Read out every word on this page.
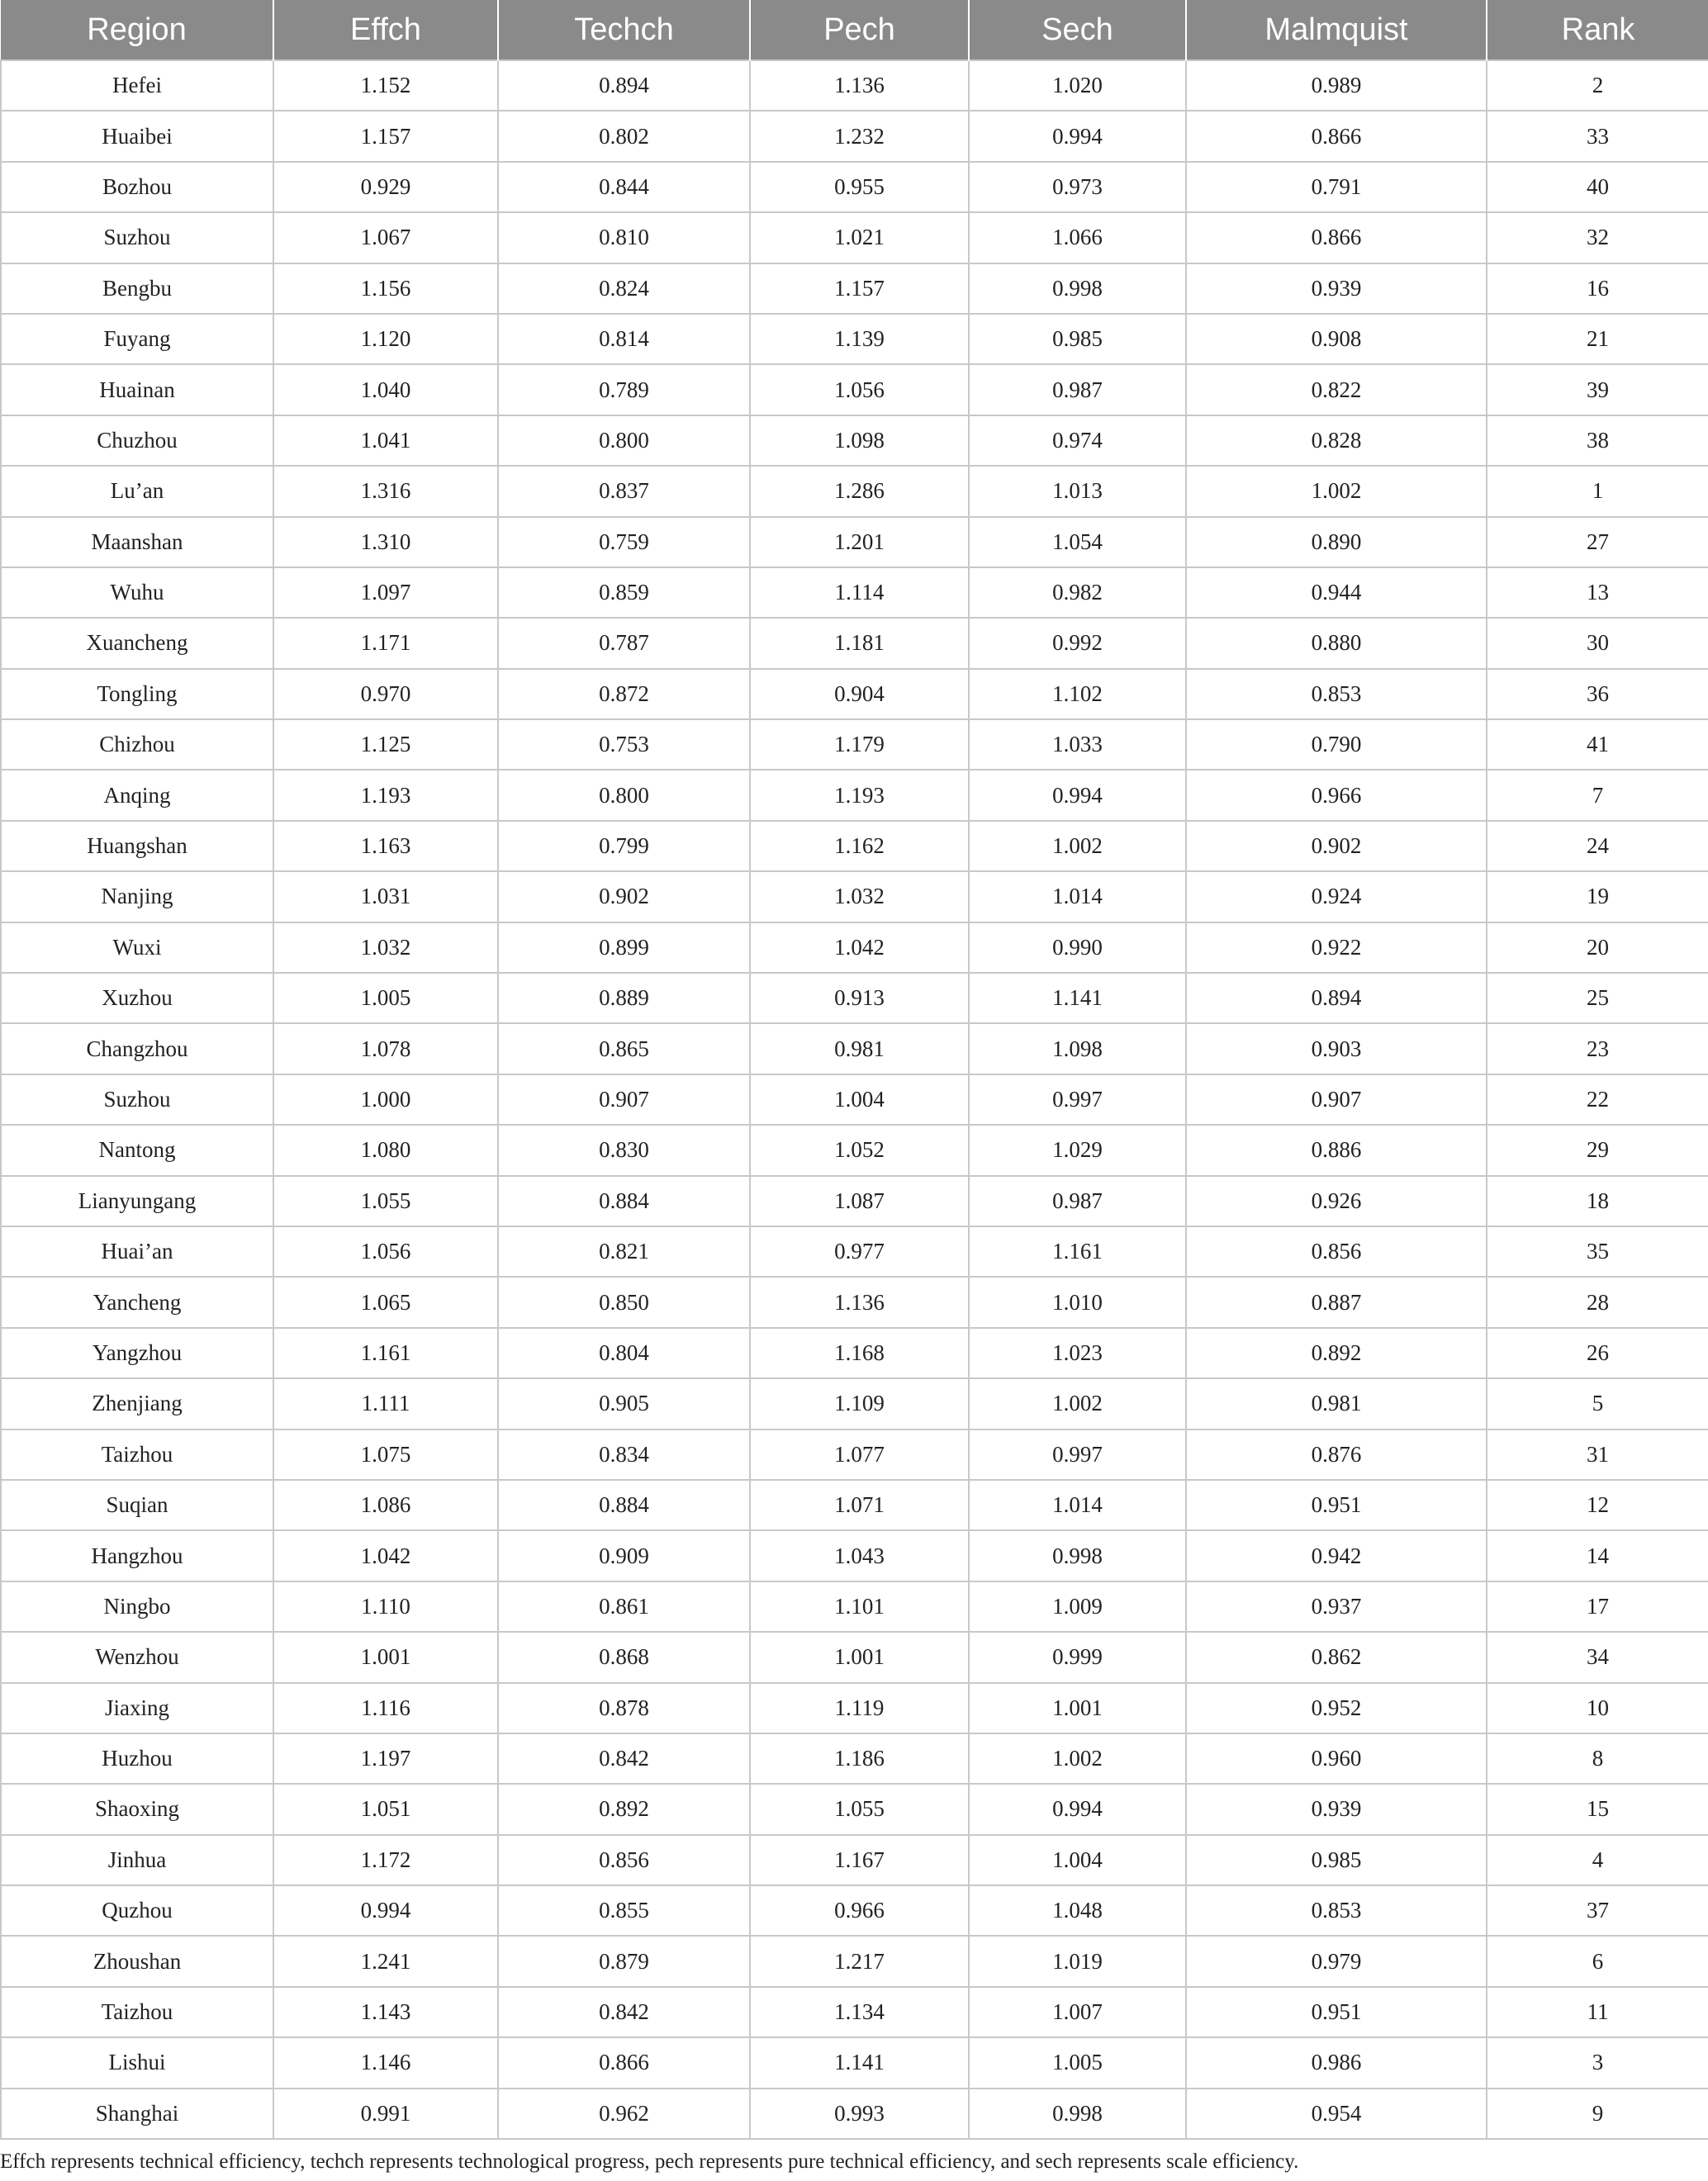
Region	Effch	Techch	Pech	Sech	Malmquist	Rank
Hefei	1.152	0.894	1.136	1.020	0.989	2
Huaibei	1.157	0.802	1.232	0.994	0.866	33
Bozhou	0.929	0.844	0.955	0.973	0.791	40
Suzhou	1.067	0.810	1.021	1.066	0.866	32
Bengbu	1.156	0.824	1.157	0.998	0.939	16
Fuyang	1.120	0.814	1.139	0.985	0.908	21
Huainan	1.040	0.789	1.056	0.987	0.822	39
Chuzhou	1.041	0.800	1.098	0.974	0.828	38
Lu’an	1.316	0.837	1.286	1.013	1.002	1
Maanshan	1.310	0.759	1.201	1.054	0.890	27
Wuhu	1.097	0.859	1.114	0.982	0.944	13
Xuancheng	1.171	0.787	1.181	0.992	0.880	30
Tongling	0.970	0.872	0.904	1.102	0.853	36
Chizhou	1.125	0.753	1.179	1.033	0.790	41
Anqing	1.193	0.800	1.193	0.994	0.966	7
Huangshan	1.163	0.799	1.162	1.002	0.902	24
Nanjing	1.031	0.902	1.032	1.014	0.924	19
Wuxi	1.032	0.899	1.042	0.990	0.922	20
Xuzhou	1.005	0.889	0.913	1.141	0.894	25
Changzhou	1.078	0.865	0.981	1.098	0.903	23
Suzhou	1.000	0.907	1.004	0.997	0.907	22
Nantong	1.080	0.830	1.052	1.029	0.886	29
Lianyungang	1.055	0.884	1.087	0.987	0.926	18
Huai’an	1.056	0.821	0.977	1.161	0.856	35
Yancheng	1.065	0.850	1.136	1.010	0.887	28
Yangzhou	1.161	0.804	1.168	1.023	0.892	26
Zhenjiang	1.111	0.905	1.109	1.002	0.981	5
Taizhou	1.075	0.834	1.077	0.997	0.876	31
Suqian	1.086	0.884	1.071	1.014	0.951	12
Hangzhou	1.042	0.909	1.043	0.998	0.942	14
Ningbo	1.110	0.861	1.101	1.009	0.937	17
Wenzhou	1.001	0.868	1.001	0.999	0.862	34
Jiaxing	1.116	0.878	1.119	1.001	0.952	10
Huzhou	1.197	0.842	1.186	1.002	0.960	8
Shaoxing	1.051	0.892	1.055	0.994	0.939	15
Jinhua	1.172	0.856	1.167	1.004	0.985	4
Quzhou	0.994	0.855	0.966	1.048	0.853	37
Zhoushan	1.241	0.879	1.217	1.019	0.979	6
Taizhou	1.143	0.842	1.134	1.007	0.951	11
Lishui	1.146	0.866	1.141	1.005	0.986	3
Shanghai	0.991	0.962	0.993	0.998	0.954	9
Effch represents technical efficiency, techch represents technological progress, pech represents pure technical efficiency, and sech represents scale efficiency.
